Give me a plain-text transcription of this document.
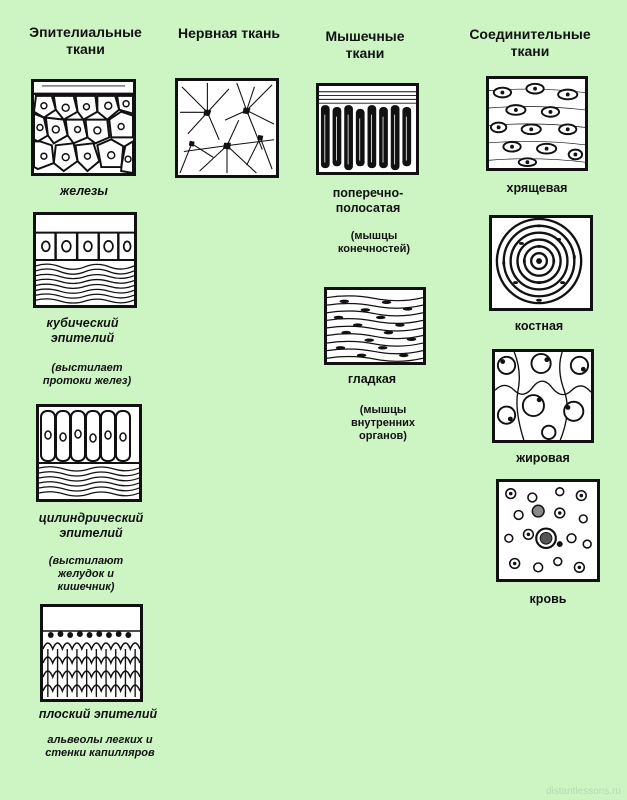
Эпителиальные
ткани
Нервная ткань	Мышечные
ткани
Соединительные
ткани
железы
кубический
эпителий
(выстилает
протоки желез)
цилиндрический
эпителий
(выстилают
желудок и
кишечник)
плоский эпителий
альвеолы легких и
стенки капилляров
поперечно-
полосатая
(мышцы
конечностей)
гладкая
(мышцы
внутренних
органов)
хрящевая
костная
жировая
кровь
distantlessons.ru
